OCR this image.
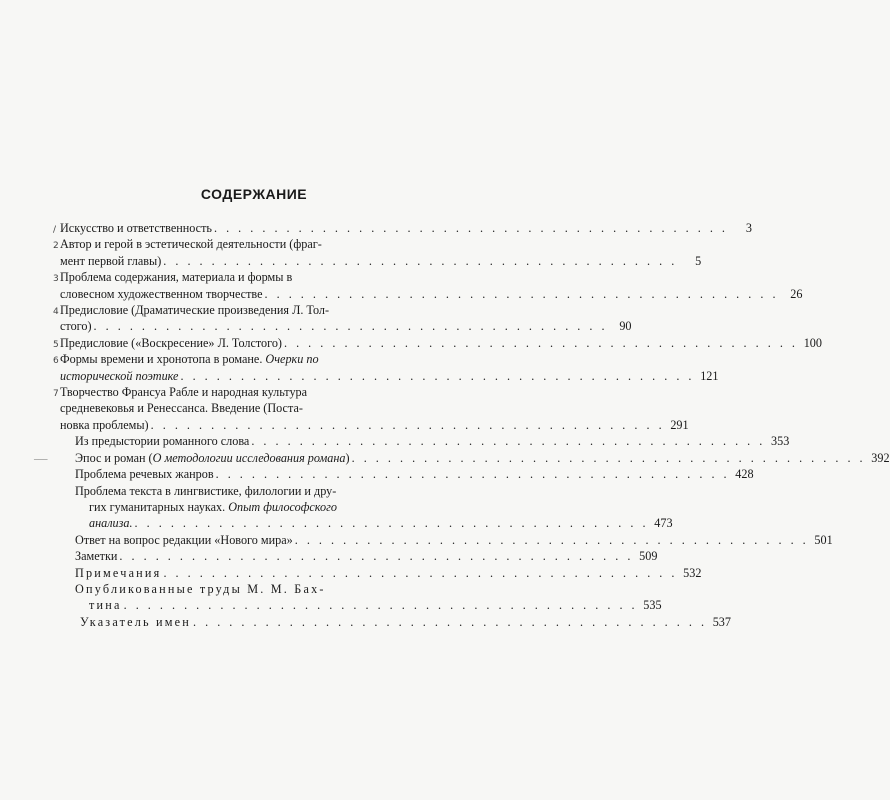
СОДЕРЖАНИЕ
/ Искусство и ответственность . . . . . . . . . . . . . . . . . . . . . . . . . . . . . . . . . . . . . . . . . . .	3
2 Автор и герой в эстетической деятельности (фраг-
мент первой главы) . . . . . . . . . . . . . . . . . . . . . . . . . . . . . . . . . . . . . . . . . . .	5
3 Проблема содержания, материала и формы в
словесном художественном творчестве . . . . . . . . . . . . . . . . . . . . . . . . . . . . . . . . . . . . . . . . . . . 26
4 Предисловие (Драматические произведения Л. Тол-
стого) . . . . . . . . . . . . . . . . . . . . . . . . . . . . . . . . . . . . . . . . . . . 90
5 Предисловие («Воскресение» Л. Толстого) . . . . . . . . . . . . . . . . . . . . . . . . . . . . . . . . . . . . . . . . . . . 100
6 Формы времени и хронотопа в романе. Очерки по
исторической поэтике . . . . . . . . . . . . . . . . . . . . . . . . . . . . . . . . . . . . . . . . . . . 121
7 Творчество Франсуа Рабле и народная культура
средневековья и Ренессанса. Введение (Поста-
новка проблемы) . . . . . . . . . . . . . . . . . . . . . . . . . . . . . . . . . . . . . . . . . . . 291
Из предыстории романного слова . . . . . . . . . . . . . . . . . . . . . . . . . . . . . . . . . . . . . . . . . . . 353
––– Эпос и роман (О методологии исследования романа) . . . . . . . . . . . . . . . . . . . . . . . . . . . . . . . . . . . . . . . . . . . 392
Проблема речевых жанров . . . . . . . . . . . . . . . . . . . . . . . . . . . . . . . . . . . . . . . . . . . 428
Проблема текста в лингвистике, филологии и дру-
гих гуманитарных науках. Опыт философского
анализа. . . . . . . . . . . . . . . . . . . . . . . . . . . . . . . . . . . . . . . . . . . . 473
Ответ на вопрос редакции «Нового мира» . . . . . . . . . . . . . . . . . . . . . . . . . . . . . . . . . . . . . . . . . . . 501
Заметки . . . . . . . . . . . . . . . . . . . . . . . . . . . . . . . . . . . . . . . . . . . 509
Примечания . . . . . . . . . . . . . . . . . . . . . . . . . . . . . . . . . . . . . . . . . . . 532
Опубликованные труды М. М. Бах-
тина . . . . . . . . . . . . . . . . . . . . . . . . . . . . . . . . . . . . . . . . . . . 535
Указатель имен . . . . . . . . . . . . . . . . . . . . . . . . . . . . . . . . . . . . . . . . . . . 537
